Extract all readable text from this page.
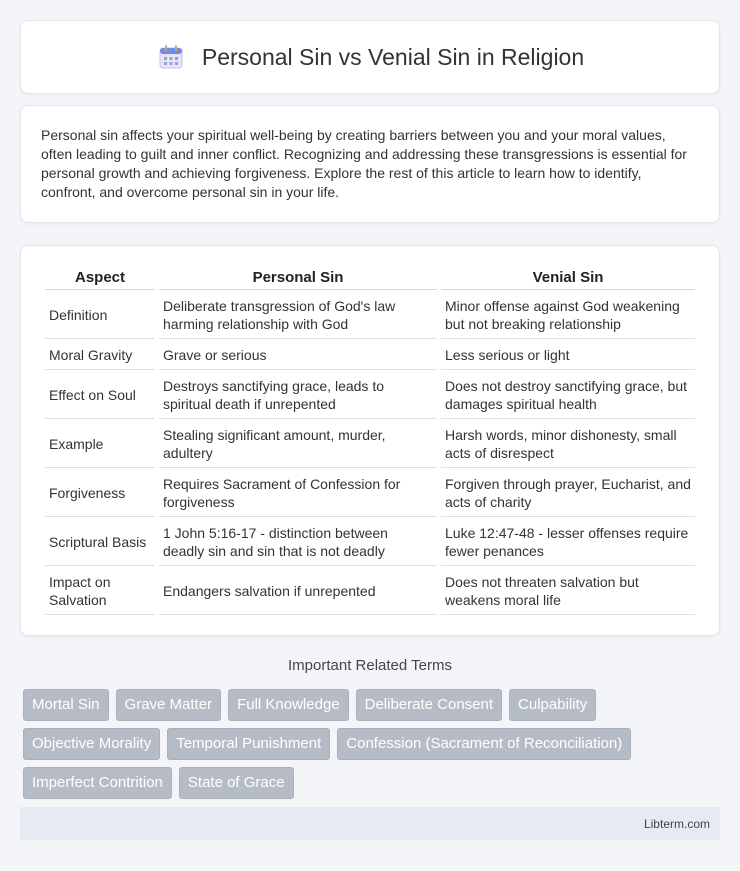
Personal Sin vs Venial Sin in Religion

Personal sin affects your spiritual well-being by creating barriers between you and your moral values, often leading to guilt and inner conflict. Recognizing and addressing these transgressions is essential for personal growth and achieving forgiveness. Explore the rest of this article to learn how to identify, confront, and overcome personal sin in your life.

Aspect	Personal Sin	Venial Sin
Definition	Deliberate transgression of God's law harming relationship with God	Minor offense against God weakening but not breaking relationship
Moral Gravity	Grave or serious	Less serious or light
Effect on Soul	Destroys sanctifying grace, leads to spiritual death if unrepented	Does not destroy sanctifying grace, but damages spiritual health
Example	Stealing significant amount, murder, adultery	Harsh words, minor dishonesty, small acts of disrespect
Forgiveness	Requires Sacrament of Confession for forgiveness	Forgiven through prayer, Eucharist, and acts of charity
Scriptural Basis	1 John 5:16-17 - distinction between deadly sin and sin that is not deadly	Luke 12:47-48 - lesser offenses require fewer penances
Impact on Salvation	Endangers salvation if unrepented	Does not threaten salvation but weakens moral life
Important Related Terms
Mortal Sin	Grave Matter	Full Knowledge	Deliberate Consent	Culpability
Objective Morality	Temporal Punishment	Confession (Sacrament of Reconciliation)
Imperfect Contrition	State of Grace
Libterm.com
